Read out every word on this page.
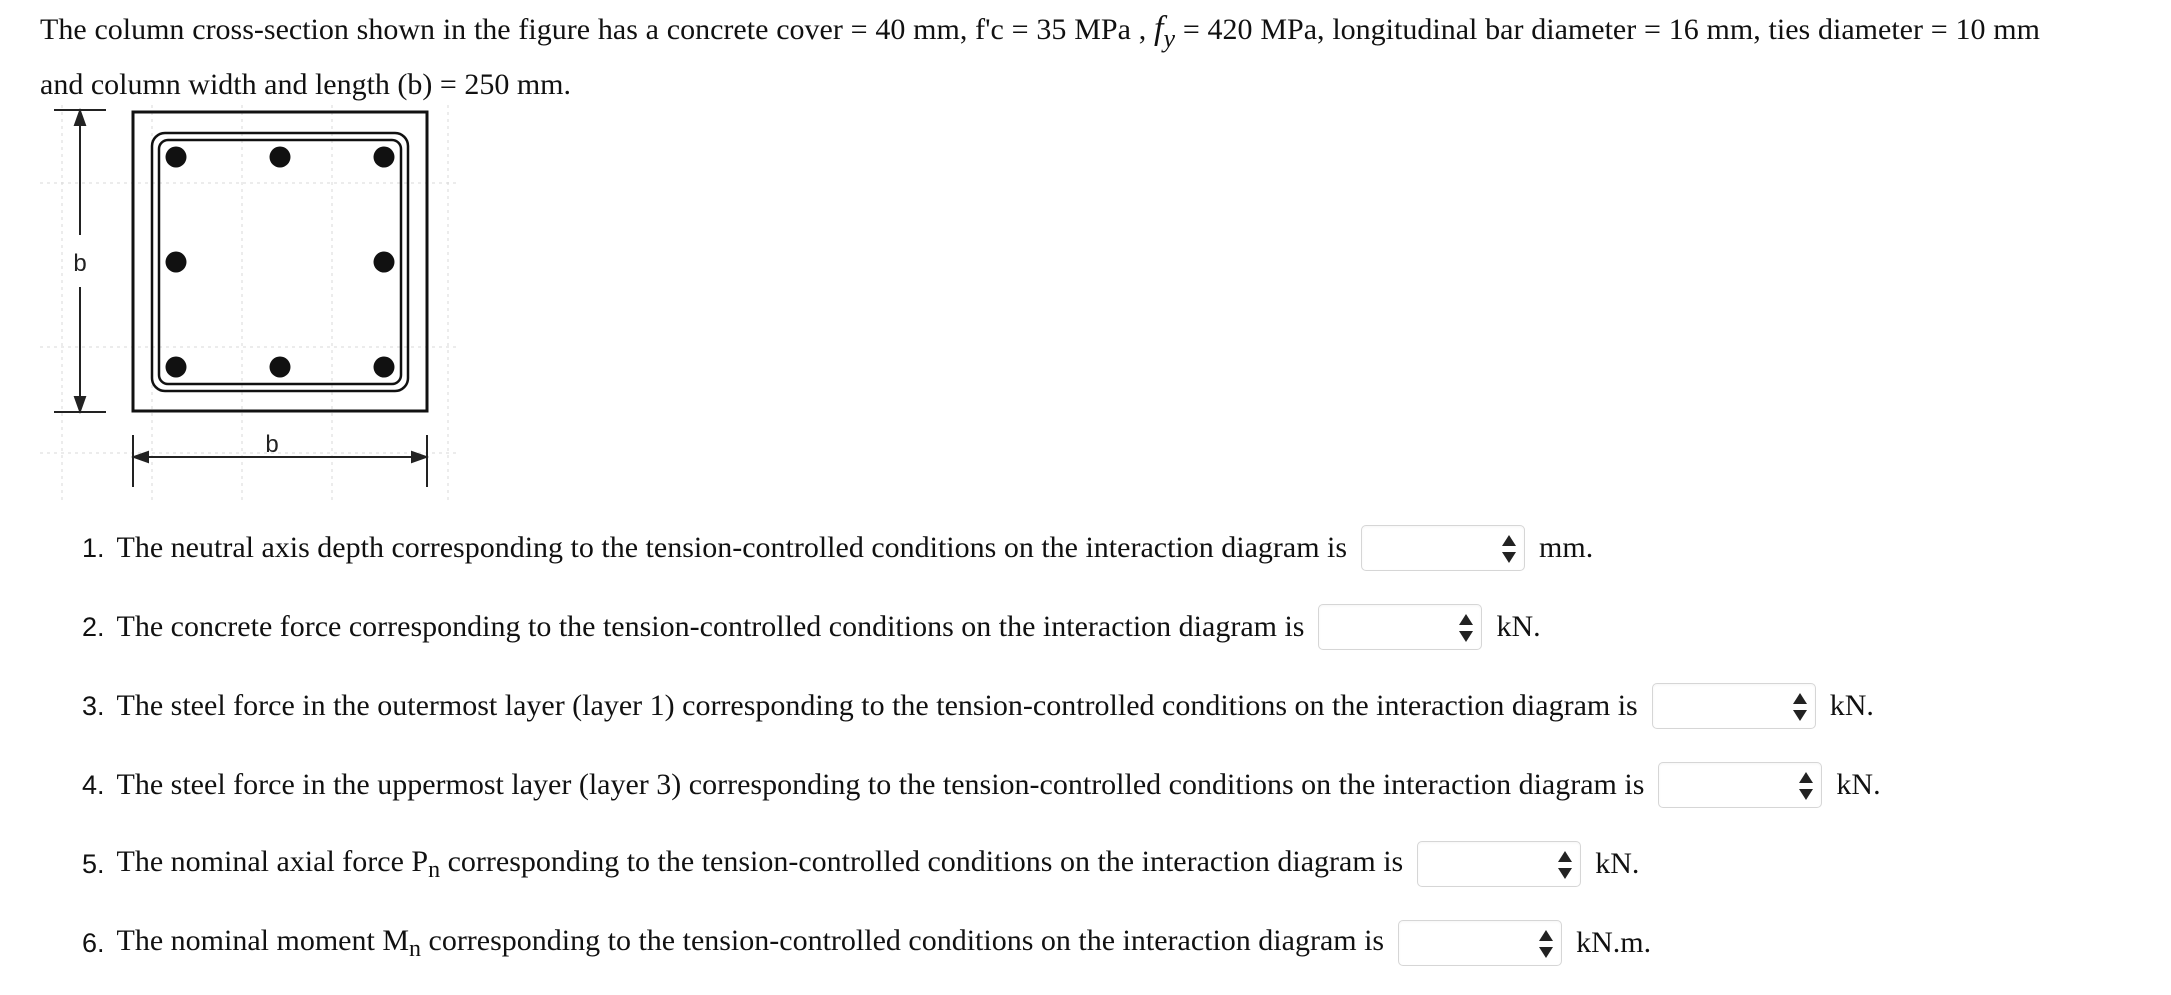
The column cross-section shown in the figure has a concrete cover = 40 mm, f'c = 35 MPa , $f_y = 420$ MPa, longitudinal bar diameter = 16 mm, ties diameter = 10 mm and column width and length (b) = 250 mm.
b
b
1. The neutral axis depth corresponding to the tension-controlled conditions on the interaction diagram is	mm.
2. The concrete force corresponding to the tension-controlled conditions on the interaction diagram is	kN.
3. The steel force in the outermost layer (layer 1) corresponding to the tension-controlled conditions on the interaction diagram is	kN.
4. The steel force in the uppermost layer (layer 3) corresponding to the tension-controlled conditions on the interaction diagram is	kN.
5. The nominal axial force $P_n$ corresponding to the tension-controlled conditions on the interaction diagram is	kN.
6. The nominal moment $M_n$ corresponding to the tension-controlled conditions on the interaction diagram is	kN.m.
